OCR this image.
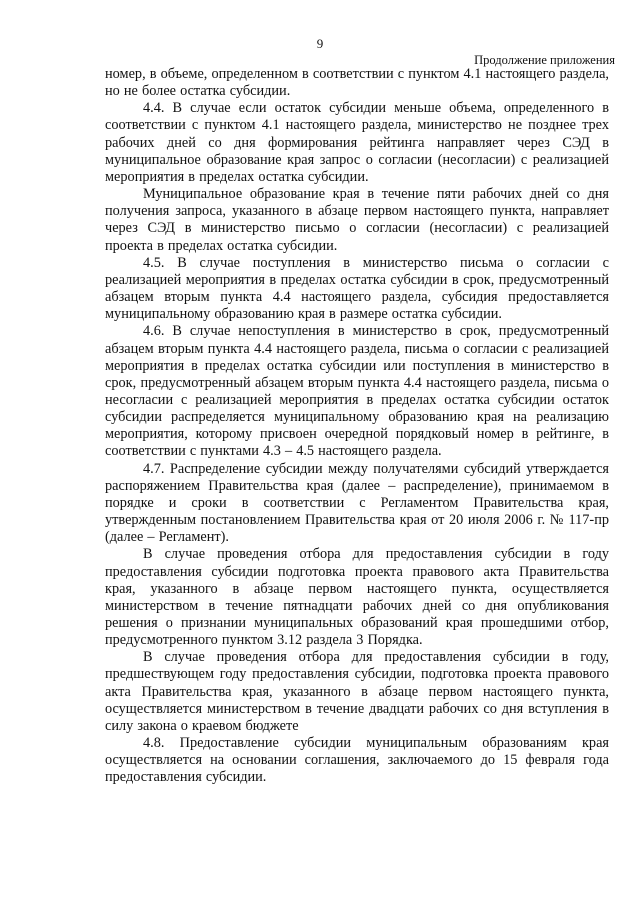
9
Продолжение приложения

номер, в объеме, определенном в соответствии с пунктом 4.1 настоящего раздела, но не более остатка субсидии.

4.4. В случае если остаток субсидии меньше объема, определенного в соответствии с пунктом 4.1 настоящего раздела, министерство не позднее трех рабочих дней со дня формирования рейтинга направляет через СЭД в муниципальное образование края запрос о согласии (несогласии) с реализацией мероприятия в пределах остатка субсидии.

Муниципальное образование края в течение пяти рабочих дней со дня получения запроса, указанного в абзаце первом настоящего пункта, направляет через СЭД в министерство письмо о согласии (несогласии) с реализацией проекта в пределах остатка субсидии.

4.5. В случае поступления в министерство письма о согласии с реализацией мероприятия в пределах остатка субсидии в срок, предусмотренный абзацем вторым пункта 4.4 настоящего раздела, субсидия предоставляется муниципальному образованию края в размере остатка субсидии.

4.6. В случае непоступления в министерство в срок, предусмотренный абзацем вторым пункта 4.4 настоящего раздела, письма о согласии с реализацией мероприятия в пределах остатка субсидии или поступления в министерство в срок, предусмотренный абзацем вторым пункта 4.4 настоящего раздела, письма о несогласии с реализацией мероприятия в пределах остатка субсидии остаток субсидии распределяется муниципальному образованию края на реализацию мероприятия, которому присвоен очередной порядковый номер в рейтинге, в соответствии с пунктами 4.3 – 4.5 настоящего раздела.

4.7. Распределение субсидии между получателями субсидий утверждается распоряжением Правительства края (далее – распределение), принимаемом в порядке и сроки в соответствии с Регламентом Правительства края, утвержденным постановлением Правительства края от 20 июля 2006 г. № 117-пр (далее – Регламент).

В случае проведения отбора для предоставления субсидии в году предоставления субсидии подготовка проекта правового акта Правительства края, указанного в абзаце первом настоящего пункта, осуществляется министерством в течение пятнадцати рабочих дней со дня опубликования решения о признании муниципальных образований края прошедшими отбор, предусмотренного пунктом 3.12 раздела 3 Порядка.

В случае проведения отбора для предоставления субсидии в году, предшествующем году предоставления субсидии, подготовка проекта правового акта Правительства края, указанного в абзаце первом настоящего пункта, осуществляется министерством в течение двадцати рабочих со дня вступления в силу закона о краевом бюджете

4.8. Предоставление субсидии муниципальным образованиям края осуществляется на основании соглашения, заключаемого до 15 февраля года предоставления субсидии.
